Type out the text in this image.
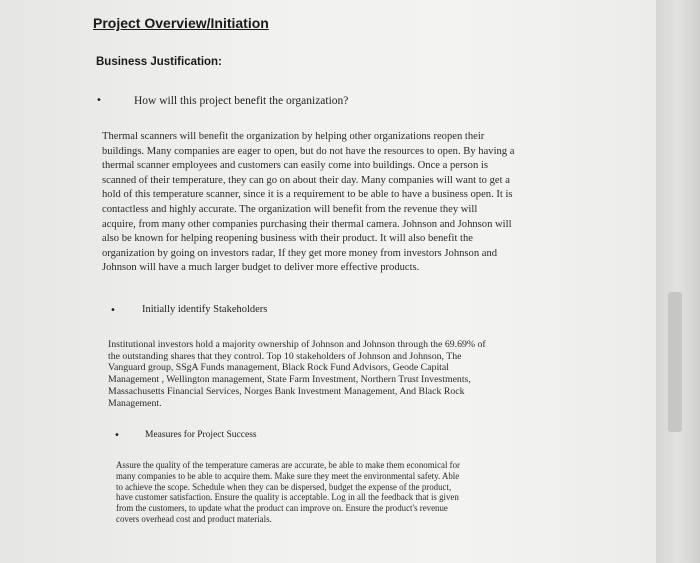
Project Overview/Initiation
Business Justification:
•	How will this project benefit the organization?
Thermal scanners will benefit the organization by helping other organizations reopen their
buildings. Many companies are eager to open, but do not have the resources to open. By having a
thermal scanner employees and customers can easily come into buildings. Once a person is
scanned of their temperature, they can go on about their day. Many companies will want to get a
hold of this temperature scanner, since it is a requirement to be able to have a business open. It is
contactless and highly accurate. The organization will benefit from the revenue they will
acquire, from many other companies purchasing their thermal camera. Johnson and Johnson will
also be known for helping reopening business with their product. It will also benefit the
organization by going on investors radar, If they get more money from investors Johnson and
Johnson will have a much larger budget to deliver more effective products.
• Initially identify Stakeholders
Institutional investors hold a majority ownership of Johnson and Johnson through the 69.69% of
the outstanding shares that they control. Top 10 stakeholders of Johnson and Johnson, The
Vanguard group, SSgA Funds management, Black Rock Fund Advisors, Geode Capital
Management , Wellington management, State Farm Investment, Northern Trust Investments,
Massachusetts Financial Services, Norges Bank Investment Management, And Black Rock
Management.
•	Measures for Project Success
Assure the quality of the temperature cameras are accurate, be able to make them economical for
many companies to be able to acquire them. Make sure they meet the environmental safety. Able
to achieve the scope. Schedule when they can be dispersed, budget the expense of the product,
have customer satisfaction. Ensure the quality is acceptable. Log in all the feedback that is given
from the customers, to update what the product can improve on. Ensure the product's revenue
covers overhead cost and product materials.
